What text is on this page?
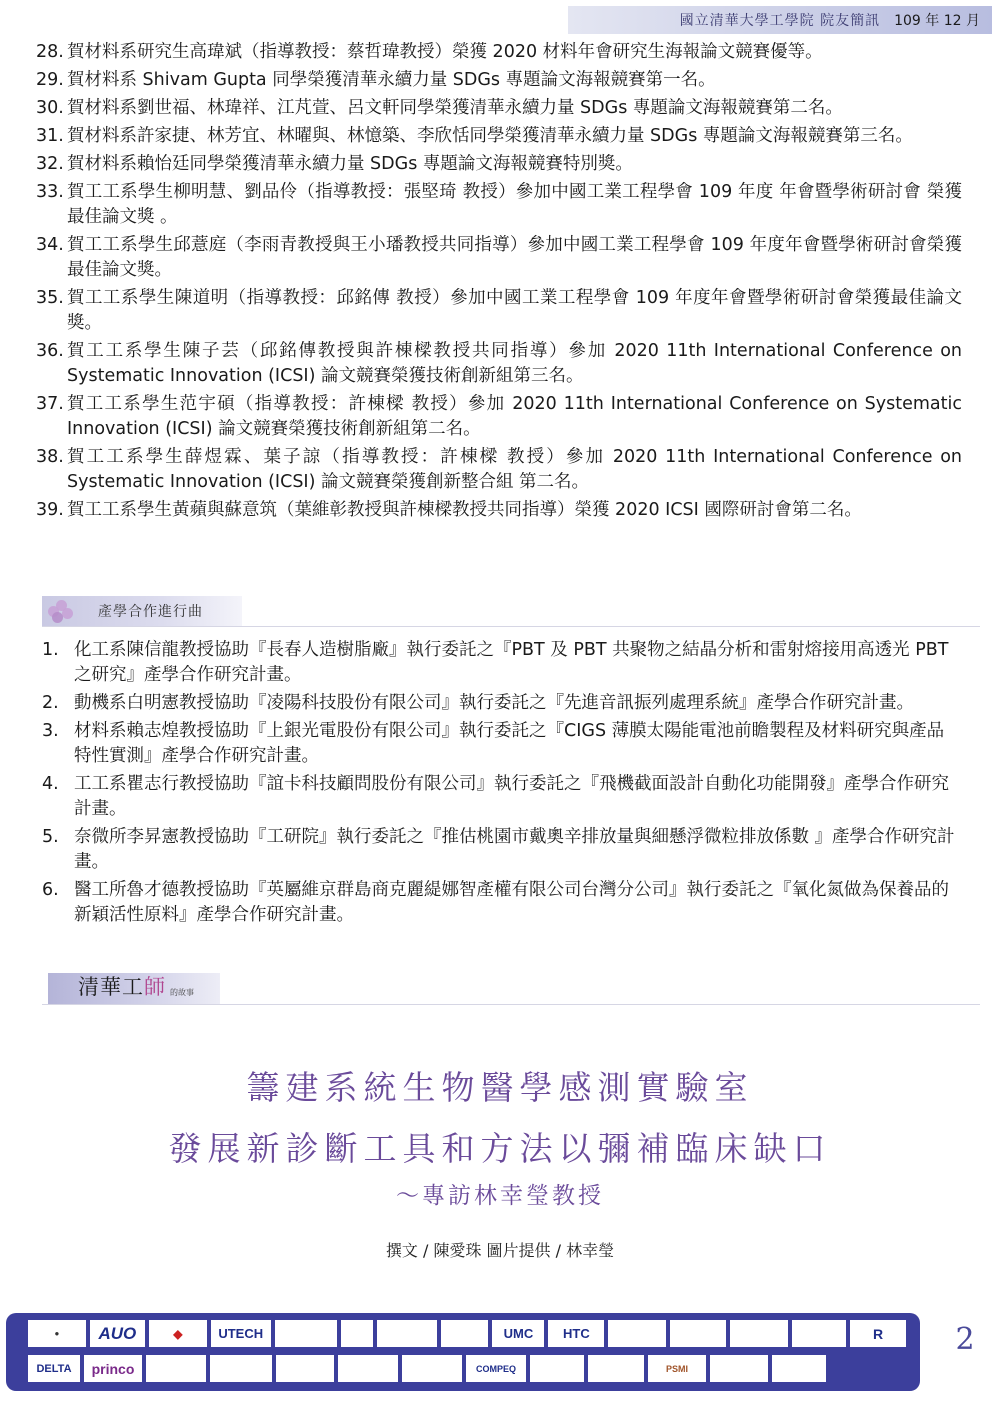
國立清華大學工學院 院友簡訊 109 年 12 月
28. 賀材料系研究生高瑋斌（指導教授：蔡哲瑋教授）榮獲 2020 材料年會研究生海報論文競賽優等。
29. 賀材料系 Shivam Gupta 同學榮獲清華永續力量 SDGs 專題論文海報競賽第一名。
30. 賀材料系劉世福、林瑋祥、江芃萱、呂文軒同學榮獲清華永續力量 SDGs 專題論文海報競賽第二名。
31. 賀材料系許家捷、林芳宜、林曜與、林憶築、李欣恬同學榮獲清華永續力量 SDGs 專題論文海報競賽第三名。
32. 賀材料系賴怡廷同學榮獲清華永續力量 SDGs 專題論文海報競賽特別獎。
33. 賀工工系學生柳明慧、劉品伶（指導教授：張堅琦 教授）參加中國工業工程學會 109 年度 年會暨學術研討會 榮獲最佳論文獎 。
34. 賀工工系學生邱薏庭（李雨青教授與王小璠教授共同指導）參加中國工業工程學會 109 年度年會暨學術研討會榮獲最佳論文獎。
35. 賀工工系學生陳道明（指導教授：邱銘傳 教授）參加中國工業工程學會 109 年度年會暨學術研討會榮獲最佳論文獎。
36. 賀工工系學生陳子芸（邱銘傳教授與許棟樑教授共同指導）參加 2020 11th International Conference on Systematic Innovation (ICSI) 論文競賽榮獲技術創新組第三名。
37. 賀工工系學生范宇碩（指導教授：許棟樑 教授）參加 2020 11th International Conference on Systematic Innovation (ICSI) 論文競賽榮獲技術創新組第二名。
38. 賀工工系學生薛煜霖、葉子諒（指導教授：許棟樑 教授）參加 2020 11th International Conference on Systematic Innovation (ICSI) 論文競賽榮獲創新整合組 第二名。
39. 賀工工系學生黃蘋與蘇意筑（葉維彰教授與許棟樑教授共同指導）榮獲 2020 ICSI 國際研討會第二名。
產學合作進行曲
1. 化工系陳信龍教授協助『長春人造樹脂廠』執行委託之『PBT 及 PBT 共聚物之結晶分析和雷射熔接用高透光 PBT 之研究』產學合作研究計畫。
2. 動機系白明憲教授協助『凌陽科技股份有限公司』執行委託之『先進音訊振列處理系統』產學合作研究計畫。
3. 材料系賴志煌教授協助『上銀光電股份有限公司』執行委託之『CIGS 薄膜太陽能電池前瞻製程及材料研究與產品特性實測』產學合作研究計畫。
4. 工工系瞿志行教授協助『誼卡科技顧問股份有限公司』執行委託之『飛機截面設計自動化功能開發』產學合作研究計畫。
5. 奈微所李昇憲教授協助『工研院』執行委託之『推估桃園市戴奧辛排放量與細懸浮微粒排放係數 』產學合作研究計畫。
6. 醫工所魯才德教授協助『英屬維京群島商克麗緹娜智產權有限公司台灣分公司』執行委託之『氧化氮做為保養品的新穎活性原料』產學合作研究計畫。
清華工師 的故事
籌建系統生物醫學感測實驗室
發展新診斷工具和方法以彌補臨床缺口
～專訪林幸瑩教授
撰文 / 陳愛珠 圖片提供 / 林幸瑩
●	AUO	◆	UTECH	UMC	HTC	R
DELTA	princo	COMPEQ	PSMI
2
